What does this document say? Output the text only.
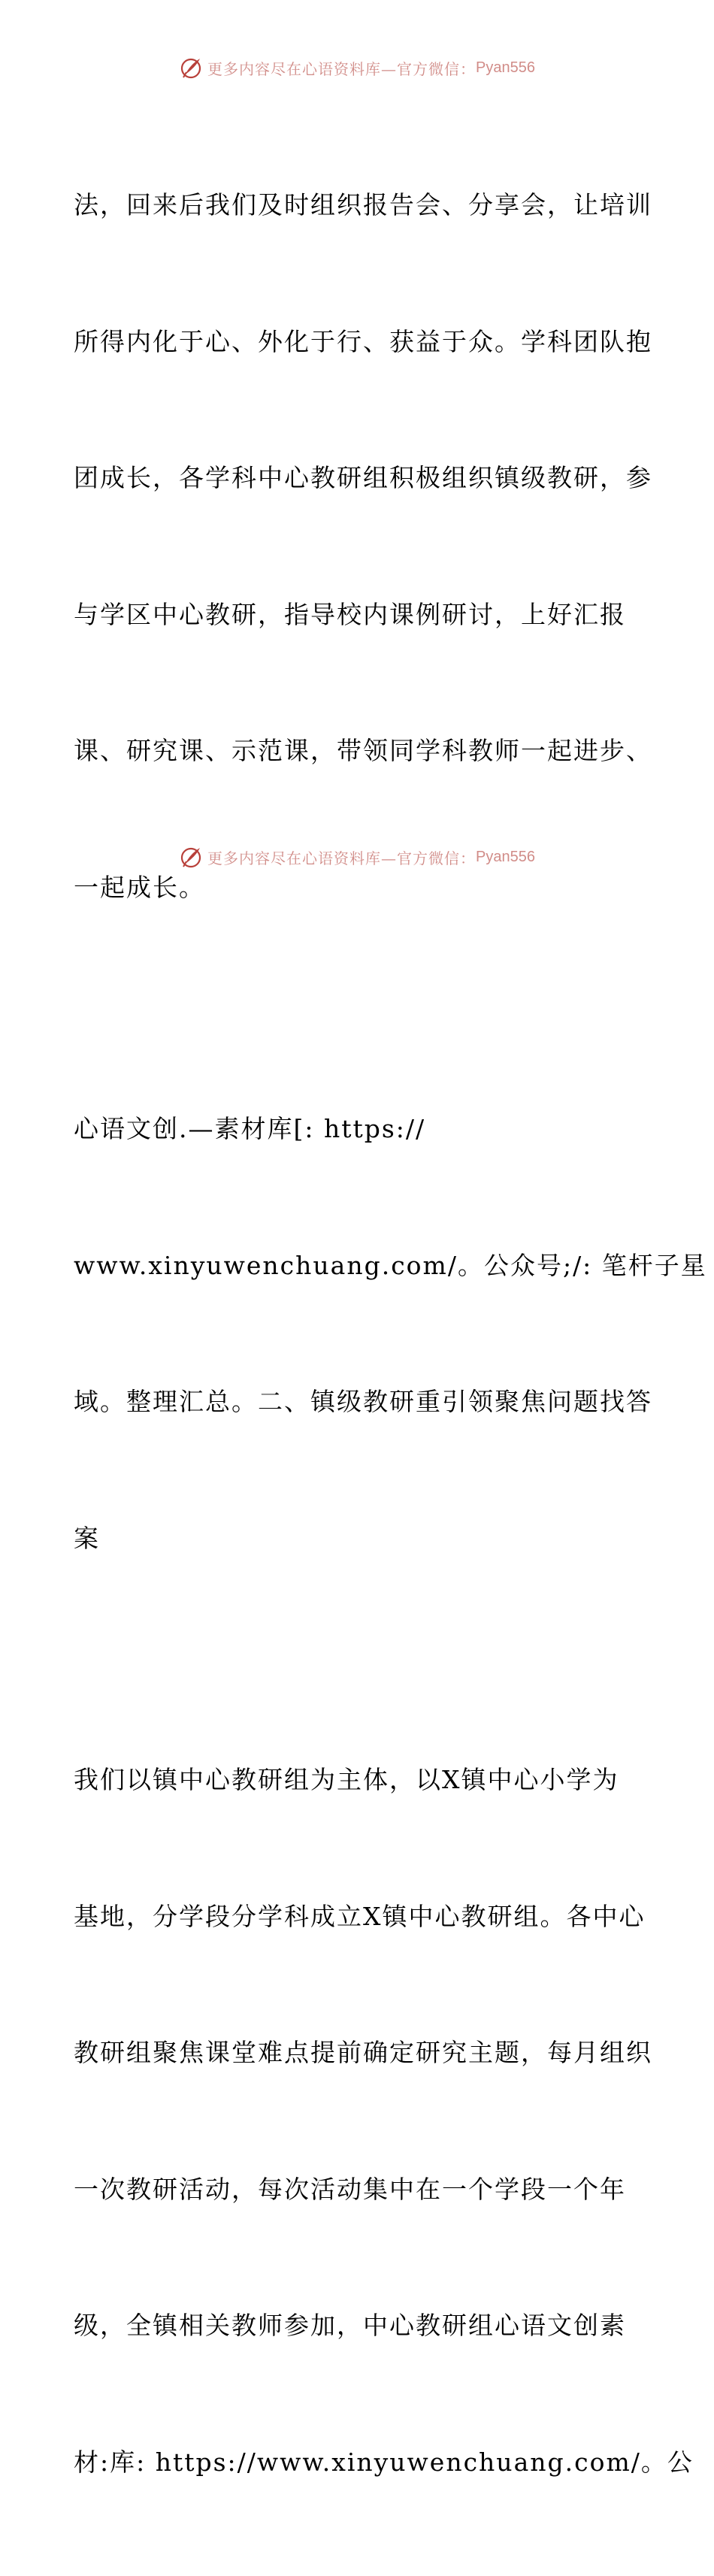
更多内容尽在心语资料库—官方微信： Pyan556

法，回来后我们及时组织报告会、分享会，让培训

所得内化于心、外化于行、获益于众。学科团队抱

团成长，各学科中心教研组积极组织镇级教研，参

与学区中心教研，指导校内课例研讨，上好汇报

课、研究课、示范课，带领同学科教师一起进步、

一起成长。

心语文创.—素材库[: https://

www.xinyuwenchuang.com/。公众号;/: 笔杆子星

域。整理汇总。二、镇级教研重引领聚焦问题找答

案

我们以镇中心教研组为主体，以X镇中心小学为

基地，分学段分学科成立X镇中心教研组。各中心

教研组聚焦课堂难点提前确定研究主题，每月组织

一次教研活动，每次活动集中在一个学段一个年

级，全镇相关教师参加，中心教研组心语文创素

材:库: https://www.xinyuwenchuang.com/。公

更多内容尽在心语资料库—官方微信： Pyan556
